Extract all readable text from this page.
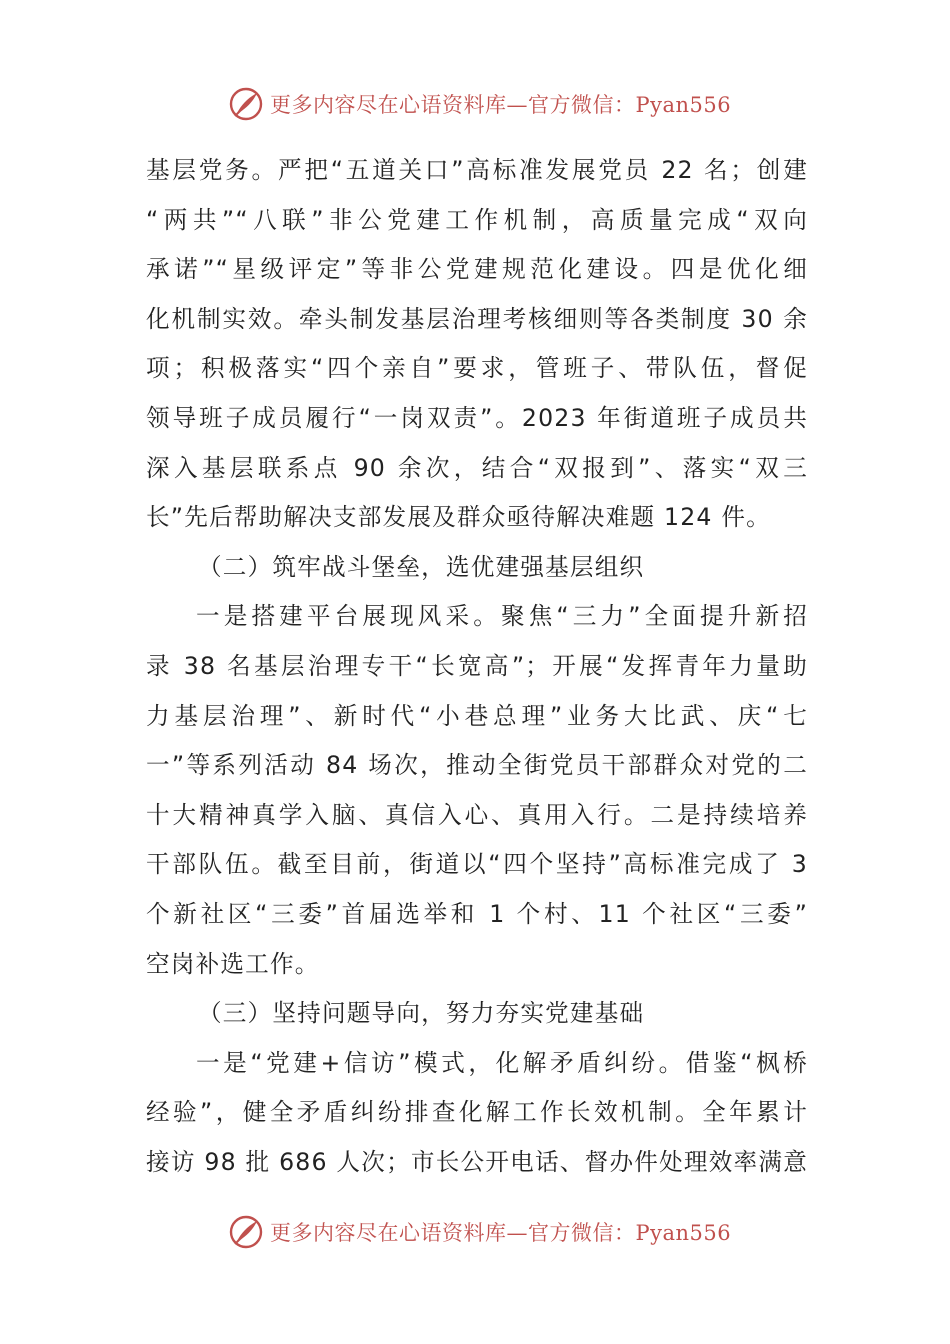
更多内容尽在心语资料库—官方微信：Pyan556

基层党务。严把“五道关口”高标准发展党员 22 名；创建

“两共”“八联”非公党建工作机制，高质量完成“双向

承诺”“星级评定”等非公党建规范化建设。四是优化细

化机制实效。牵头制发基层治理考核细则等各类制度 30 余

项；积极落实“四个亲自”要求，管班子、带队伍，督促

领导班子成员履行“一岗双责”。2023 年街道班子成员共

深入基层联系点 90 余次，结合“双报到”、落实“双三

长”先后帮助解决支部发展及群众亟待解决难题 124 件。

（二）筑牢战斗堡垒，选优建强基层组织

一是搭建平台展现风采。聚焦“三力”全面提升新招

录 38 名基层治理专干“长宽高”；开展“发挥青年力量助

力基层治理”、新时代“小巷总理”业务大比武、庆“七

一”等系列活动 84 场次，推动全街党员干部群众对党的二

十大精神真学入脑、真信入心、真用入行。二是持续培养

干部队伍。截至目前，街道以“四个坚持”高标准完成了 3

个新社区“三委”首届选举和 1 个村、11 个社区“三委”

空岗补选工作。

（三）坚持问题导向，努力夯实党建基础

一是“党建+信访”模式，化解矛盾纠纷。借鉴“枫桥

经验”，健全矛盾纠纷排查化解工作长效机制。全年累计

接访 98 批 686 人次；市长公开电话、督办件处理效率满意

更多内容尽在心语资料库—官方微信：Pyan556
